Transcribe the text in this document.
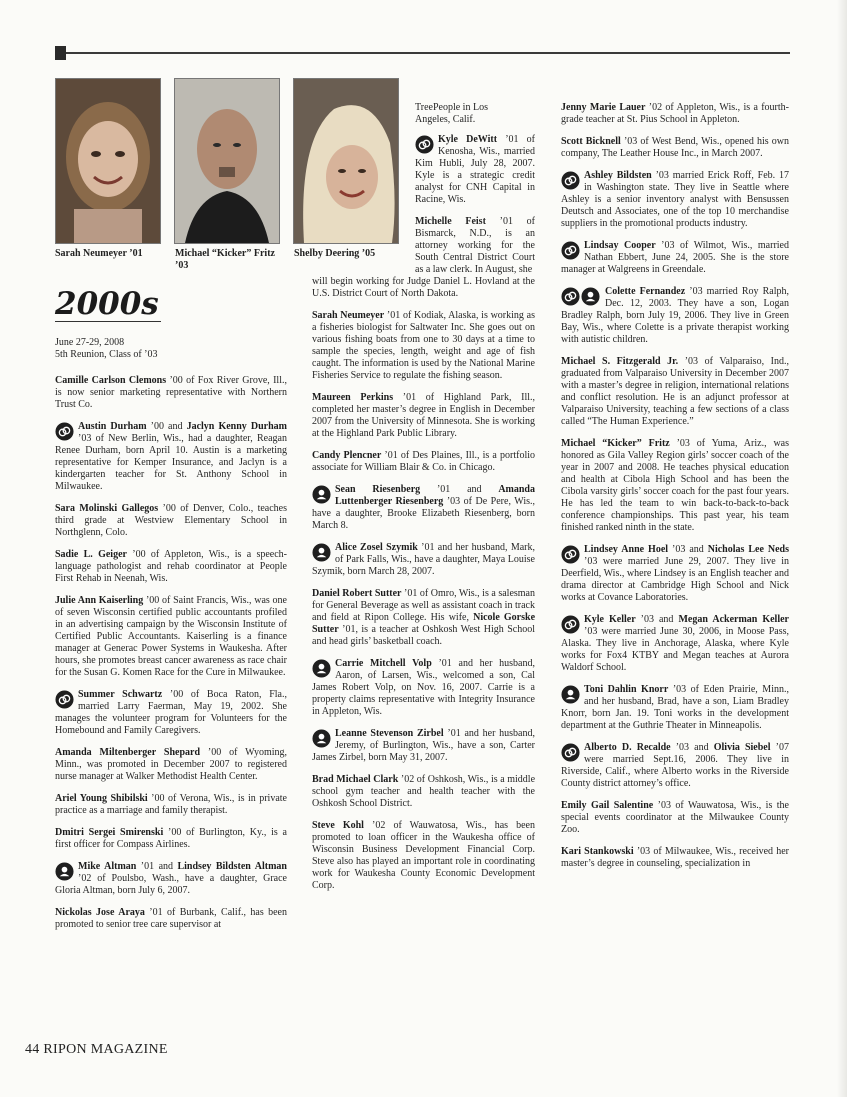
Sarah Neumeyer ’01	Michael “Kicker” Fritz ’03
Shelby Deering ’05
2000s
June 27-29, 2008
5th Reunion, Class of ’03
Camille Carlson Clemons ’00 of Fox River Grove, Ill., is now senior marketing representative with Northern Trust Co.
Austin Durham ’00 and Jaclyn Kenny Durham ’03 of New Berlin, Wis., had a daughter, Reagan Renee Durham, born April 10. Austin is a marketing representative for Kemper Insurance, and Jaclyn is a kindergarten teacher for St. Anthony School in Milwaukee.
Sara Molinski Gallegos ’00 of Denver, Colo., teaches third grade at Westview Elementary School in Northglenn, Colo.
Sadie L. Geiger ’00 of Appleton, Wis., is a speech-language pathologist and rehab coordinator at People First Rehab in Neenah, Wis.
Julie Ann Kaiserling ’00 of Saint Francis, Wis., was one of seven Wisconsin certified public accountants profiled in an advertising campaign by the Wisconsin Institute of Certified Public Accountants. Kaiserling is a finance manager at Generac Power Systems in Waukesha. After hours, she promotes breast cancer awareness as race chair for the Susan G. Komen Race for the Cure in Milwaukee.
Summer Schwartz ’00 of Boca Raton, Fla., married Larry Faerman, May 19, 2002. She manages the volunteer program for Volunteers for the Homebound and Family Caregivers.
Amanda Miltenberger Shepard ’00 of Wyoming, Minn., was promoted in December 2007 to registered nurse manager at Walker Methodist Health Center.
Ariel Young Shibilski ’00 of Verona, Wis., is in private practice as a marriage and family therapist.
Dmitri Sergei Smirenski ’00 of Burlington, Ky., is a first officer for Compass Airlines.
Mike Altman ’01 and Lindsey Bildsten Altman ’02 of Poulsbo, Wash., have a daughter, Grace Gloria Altman, born July 6, 2007.
Nickolas Jose Araya ’01 of Burbank, Calif., has been promoted to senior tree care supervisor at
TreePeople in Los
Angeles, Calif.
Kyle DeWitt ’01 of Kenosha, Wis., married Kim Hubli, July 28, 2007. Kyle is a strategic credit analyst for CNH Capital in Racine, Wis.
Michelle Feist ’01 of Bismarck, N.D., is an attorney working for the South Central District Court as a law clerk. In August, she
will begin working for Judge Daniel L. Hovland at the U.S. District Court of North Dakota.
Sarah Neumeyer ’01 of Kodiak, Alaska, is working as a fisheries biologist for Saltwater Inc. She goes out on various fishing boats from one to 30 days at a time to sample the species, length, weight and age of fish caught. The information is used by the National Marine Fisheries Service to regulate the fishing season.
Maureen Perkins ’01 of Highland Park, Ill., completed her master’s degree in English in December 2007 from the University of Minnesota. She is working at the Highland Park Public Library.
Candy Plencner ’01 of Des Plaines, Ill., is a portfolio associate for William Blair & Co. in Chicago.
Sean Riesenberg ’01 and Amanda Luttenberger Riesenberg ’03 of De Pere, Wis., have a daughter, Brooke Elizabeth Riesenberg, born March 8.
Alice Zosel Szymik ’01 and her husband, Mark, of Park Falls, Wis., have a daughter, Maya Louise Szymik, born March 28, 2007.
Daniel Robert Sutter ’01 of Omro, Wis., is a salesman for General Beverage as well as assistant coach in track and field at Ripon College. His wife, Nicole Gorske Sutter ’01, is a teacher at Oshkosh West High School and head girls’ basketball coach.
Carrie Mitchell Volp ’01 and her husband, Aaron, of Larsen, Wis., welcomed a son, Cal James Robert Volp, on Nov. 16, 2007. Carrie is a property claims representative with Integrity Insurance in Appleton, Wis.
Leanne Stevenson Zirbel ’01 and her husband, Jeremy, of Burlington, Wis., have a son, Carter James Zirbel, born May 31, 2007.
Brad Michael Clark ’02 of Oshkosh, Wis., is a middle school gym teacher and health teacher with the Oshkosh School District.
Steve Kohl ’02 of Wauwatosa, Wis., has been promoted to loan officer in the Waukesha office of Wisconsin Business Development Financial Corp. Steve also has played an important role in coordinating work for Waukesha County Economic Development Corp.
Jenny Marie Lauer ’02 of Appleton, Wis., is a fourth-grade teacher at St. Pius School in Appleton.
Scott Bicknell ’03 of West Bend, Wis., opened his own company, The Leather House Inc., in March 2007.
Ashley Bildsten ’03 married Erick Roff, Feb. 17 in Washington state. They live in Seattle where Ashley is a senior inventory analyst with Bensussen Deutsch and Associates, one of the top 10 merchandise suppliers in the promotional products industry.
Lindsay Cooper ’03 of Wilmot, Wis., married Nathan Ebbert, June 24, 2005. She is the store manager at Walgreens in Greendale.
Colette Fernandez ’03 married Roy Ralph, Dec. 12, 2003. They have a son, Logan Bradley Ralph, born July 19, 2006. They live in Green Bay, Wis., where Colette is a private therapist working with autistic children.
Michael S. Fitzgerald Jr. ’03 of Valparaiso, Ind., graduated from Valparaiso University in December 2007 with a master’s degree in religion, international relations and conflict resolution. He is an adjunct professor at Valparaiso University, teaching a few sections of a class called “The Human Experience.”
Michael “Kicker” Fritz ’03 of Yuma, Ariz., was honored as Gila Valley Region girls’ soccer coach of the year in 2007 and 2008. He teaches physical education and health at Cibola High School and has been the Cibola varsity girls’ soccer coach for the past four years. He has led the team to win back-to-back-to-back conference championships. This past year, his team finished ranked ninth in the state.
Lindsey Anne Hoel ’03 and Nicholas Lee Neds ’03 were married June 29, 2007. They live in Deerfield, Wis., where Lindsey is an English teacher and drama director at Cambridge High School and Nick works at Covance Laboratories.
Kyle Keller ’03 and Megan Ackerman Keller ’03 were married June 30, 2006, in Moose Pass, Alaska. They live in Anchorage, Alaska, where Kyle works for Fox4 KTBY and Megan teaches at Aurora Waldorf School.
Toni Dahlin Knorr ’03 of Eden Prairie, Minn., and her husband, Brad, have a son, Liam Bradley Knorr, born Jan. 19. Toni works in the development department at the Guthrie Theater in Minneapolis.
Alberto D. Recalde ’03 and Olivia Siebel ’07 were married Sept.16, 2006. They live in Riverside, Calif., where Alberto works in the Riverside County district attorney’s office.
Emily Gail Salentine ’03 of Wauwatosa, Wis., is the special events coordinator at the Milwaukee County Zoo.
Kari Stankowski ’03 of Milwaukee, Wis., received her master’s degree in counseling, specialization in
44 RIPON MAGAZINE
